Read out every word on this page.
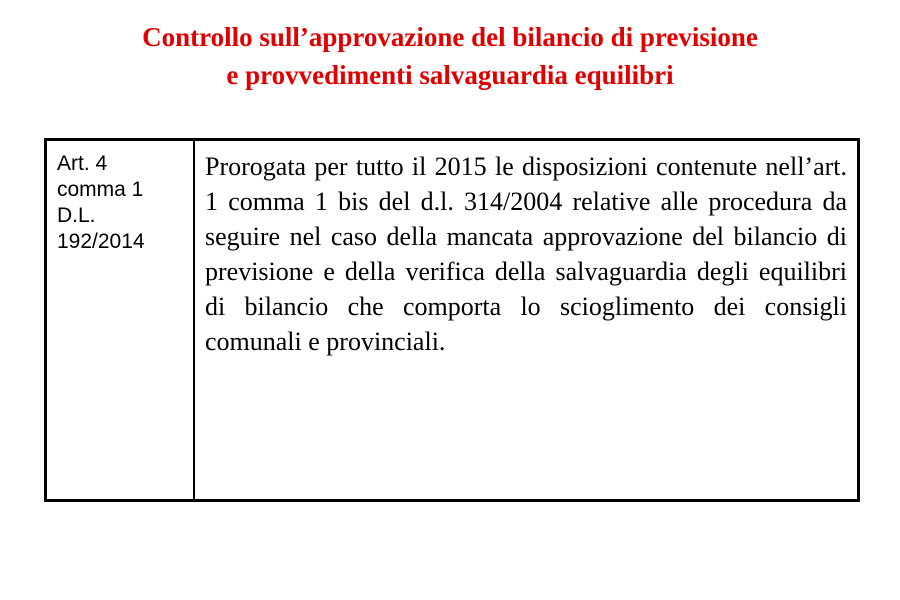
Controllo sull’approvazione del bilancio di previsione
e provvedimenti salvaguardia equilibri
Art. 4
comma 1
D.L.
192/2014
Prorogata per tutto il 2015 le disposizioni contenute nell’art. 1 comma 1 bis del d.l. 314/2004 relative alle procedura da seguire nel caso della mancata approvazione del bilancio di previsione e della verifica della salvaguardia degli equilibri di bilancio che comporta lo scioglimento dei consigli comunali e provinciali.
